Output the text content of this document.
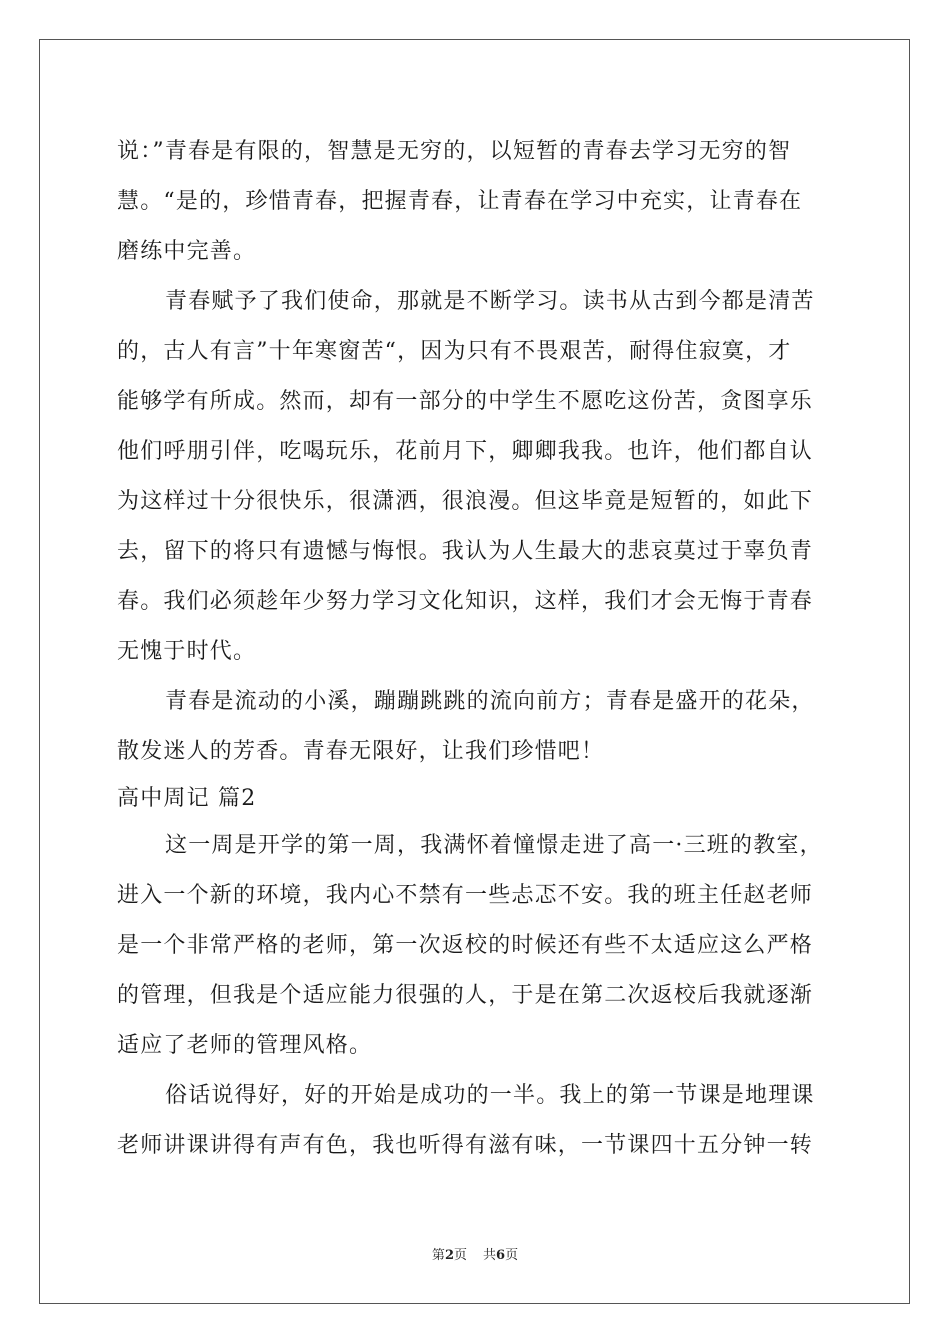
说：”青春是有限的，智慧是无穷的，以短暂的青春去学习无穷的智
慧。“是的，珍惜青春，把握青春，让青春在学习中充实，让青春在
磨练中完善。
青春赋予了我们使命，那就是不断学习。读书从古到今都是清苦
的，古人有言”十年寒窗苦“，因为只有不畏艰苦，耐得住寂寞，才
能够学有所成。然而，却有一部分的中学生不愿吃这份苦，贪图享乐
他们呼朋引伴，吃喝玩乐，花前月下，卿卿我我。也许，他们都自认
为这样过十分很快乐，很潇洒，很浪漫。但这毕竟是短暂的，如此下
去，留下的将只有遗憾与悔恨。我认为人生最大的悲哀莫过于辜负青
春。我们必须趁年少努力学习文化知识，这样，我们才会无悔于青春
无愧于时代。
青春是流动的小溪，蹦蹦跳跳的流向前方；青春是盛开的花朵，
散发迷人的芳香。青春无限好，让我们珍惜吧！
高中周记 篇2
这一周是开学的第一周，我满怀着憧憬走进了高一·三班的教室，
进入一个新的环境，我内心不禁有一些忐忑不安。我的班主任赵老师
是一个非常严格的老师，第一次返校的时候还有些不太适应这么严格
的管理，但我是个适应能力很强的人，于是在第二次返校后我就逐渐
适应了老师的管理风格。
俗话说得好，好的开始是成功的一半。我上的第一节课是地理课
老师讲课讲得有声有色，我也听得有滋有味，一节课四十五分钟一转
第2页 共6页
